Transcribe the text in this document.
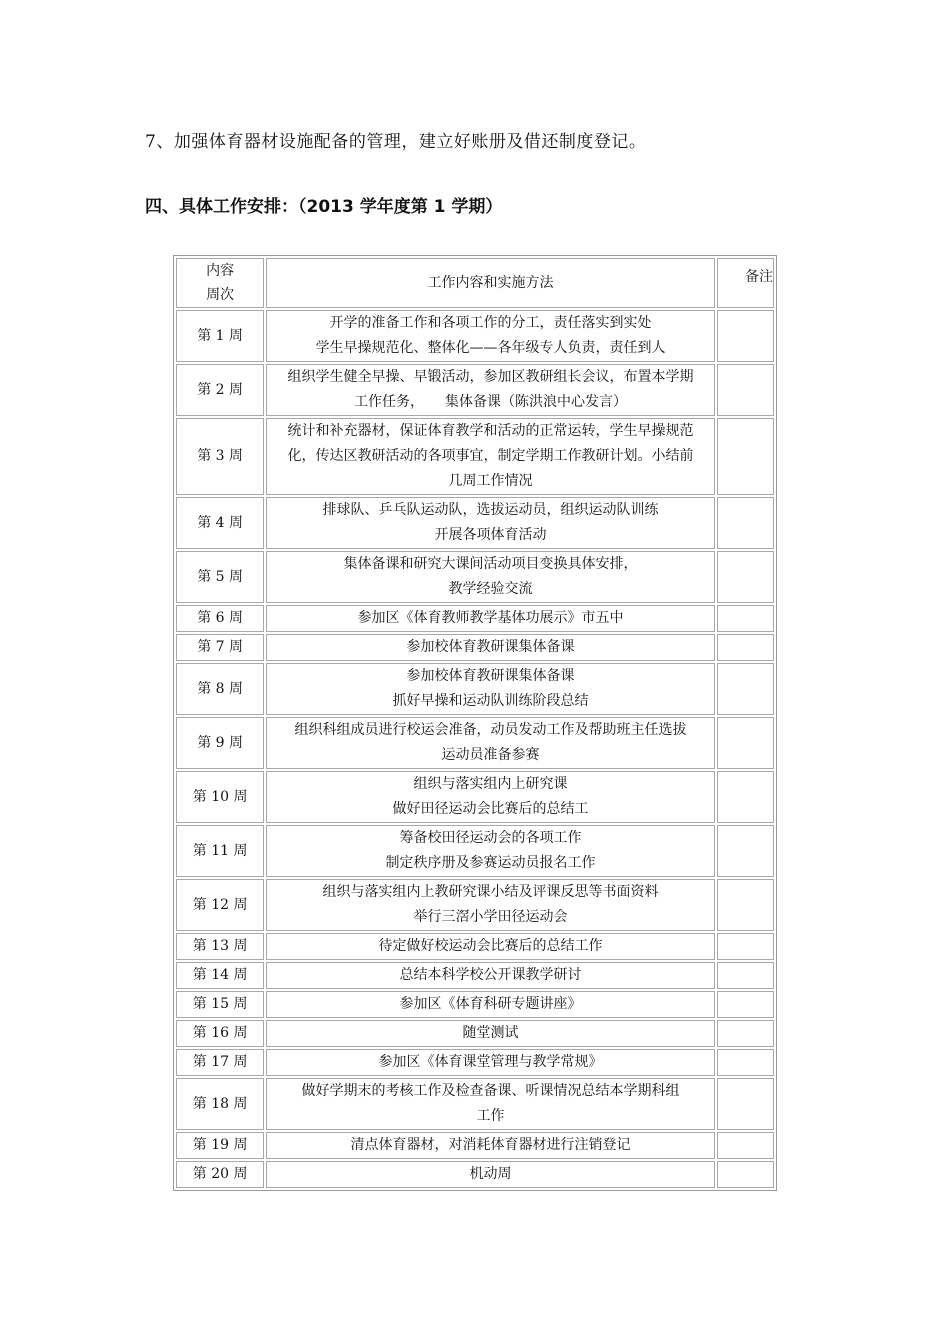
7、加强体育器材设施配备的管理，建立好账册及借还制度登记。
四、具体工作安排：（2013 学年度第 1 学期）
内容
周次	工作内容和实施方法	备注
第 1 周	开学的准备工作和各项工作的分工，责任落实到实处
学生早操规范化、整体化——各年级专人负责，责任到人	

第 2 周	组织学生健全早操、早锻活动，参加区教研组长会议，布置本学期
工作任务，　　集体备课（陈洪浪中心发言）	

第 3 周	统计和补充器材，保证体育教学和活动的正常运转，学生早操规范
化，传达区教研活动的各项事宜，制定学期工作教研计划。小结前
几周工作情况	

第 4 周	排球队、乒乓队运动队，选拔运动员，组织运动队训练
开展各项体育活动	

第 5 周	集体备课和研究大课间活动项目变换具体安排，
教学经验交流	

第 6 周	参加区《体育教师教学基体功展示》市五中	

第 7 周	参加校体育教研课集体备课	

第 8 周	参加校体育教研课集体备课
抓好早操和运动队训练阶段总结	

第 9 周	组织科组成员进行校运会准备，动员发动工作及帮助班主任选拔
运动员准备参赛	

第 10 周	组织与落实组内上研究课
做好田径运动会比赛后的总结工	

第 11 周	筹备校田径运动会的各项工作
制定秩序册及参赛运动员报名工作	

第 12 周	组织与落实组内上教研究课小结及评课反思等书面资料
举行三滘小学田径运动会	

第 13 周	待定做好校运动会比赛后的总结工作	

第 14 周	总结本科学校公开课教学研讨	

第 15 周	参加区《体育科研专题讲座》	

第 16 周	随堂测试	

第 17 周	参加区《体育课堂管理与教学常规》	

第 18 周	做好学期末的考核工作及检查备课、听课情况总结本学期科组
工作	

第 19 周	清点体育器材，对消耗体育器材进行注销登记	

第 20 周	机动周	
